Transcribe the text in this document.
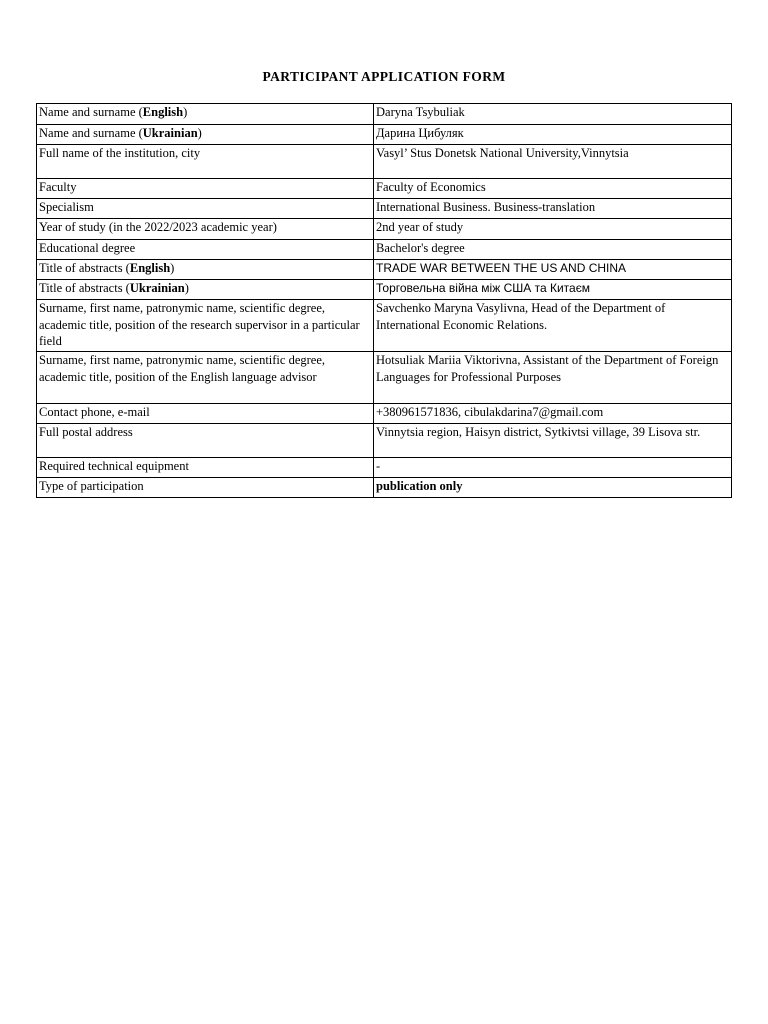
PARTICIPANT APPLICATION FORM
Name and surname (English)	Daryna Tsybuliak
Name and surname (Ukrainian)	Дарина Цибуляк
Full name of the institution, city	Vasyl’ Stus Donetsk National University,Vinnytsia
Faculty	Faculty of Economics
Specialism	International Business. Business-translation
Year of study (in the 2022/2023 academic year)	2nd year of study
Educational degree	Bachelor's degree
Title of abstracts (English)	TRADE WAR BETWEEN THE US AND CHINA
Title of abstracts (Ukrainian)	Торговельна війна між США та Китаєм
Surname, first name, patronymic name, scientific degree, academic title, position of the research supervisor in a particular field	Savchenko Maryna Vasylivna, Head of the Department of International Economic Relations.
Surname, first name, patronymic name, scientific degree, academic title, position of the English language advisor	Hotsuliak Mariia Viktorivna, Assistant of the Department of Foreign Languages for Professional Purposes
Contact phone, e-mail	+380961571836, cibulakdarina7@gmail.com
Full postal address	Vinnytsia region, Haisyn district, Sytkivtsi village, 39 Lisova str.
Required technical equipment	-
Type of participation	publication only
